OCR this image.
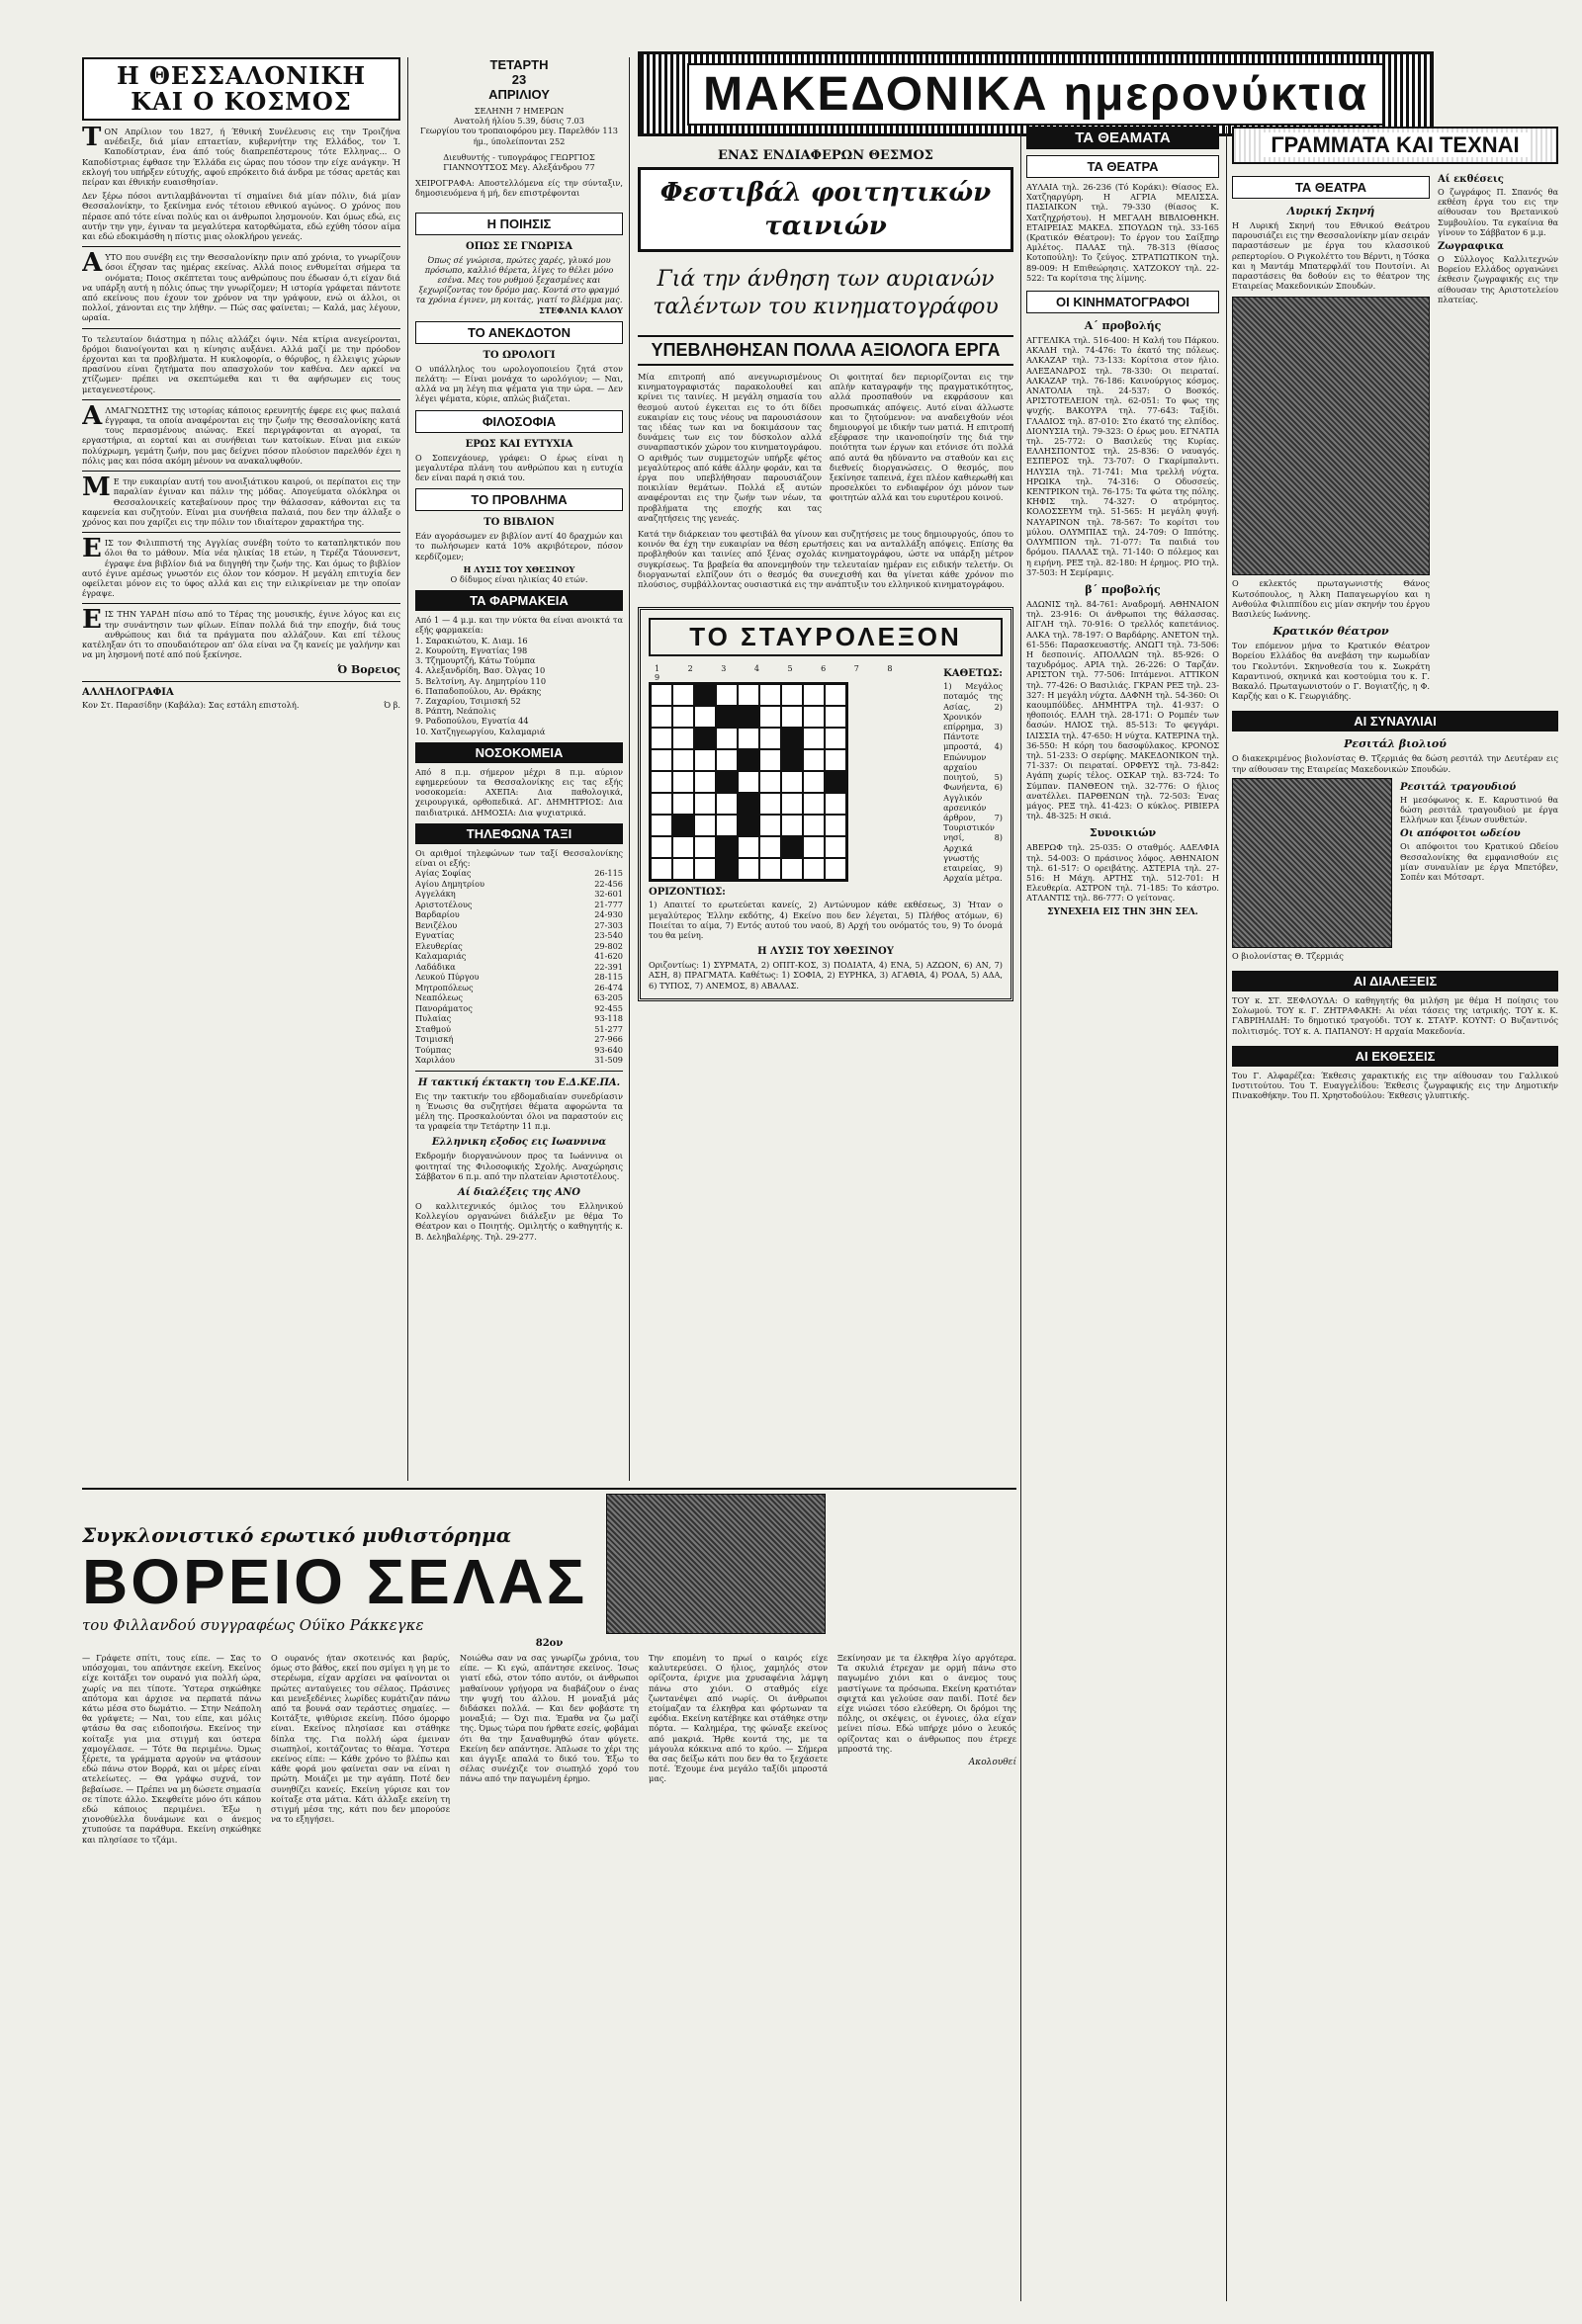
Η ΘΕΣΣΑΛΟΝΙΚΗ ΚΑΙ Ο ΚΟΣΜΟΣ

ΤΟΝ Απρίλιον του 1827, ή Έθνική Συνέλευσις εις την Τροιζήνα ανέδειξε, διά μίαν επταετίαν, κυβερνήτην της Ελλάδος, τον Ί. Καποδίστριαν, ένα άπό τούς διαπρεπέστερους τότε Ελληνας... Ο Καποδίστριας έφθασε την Έλλάδα εις ώρας που τόσον την είχε ανάγκην. Ή εκλογή του υπήρξεν εύτυχής, αφού επρόκειτο διά άνδρα με τόσας αρετάς και πείραν και έθνικήν ευαισθησίαν.

Δεν ξέρω πόσοι αντιλαμβάνονται τί σημαίνει διά μίαν πόλιν, διά μίαν Θεσσαλονίκην, το ξεκίνημα ενός τέτοιου εθνικού αγώνος. Ο χρόνος που πέρασε από τότε είναι πολύς και οι άνθρωποι λησμονούν. Και όμως εδώ, εις αυτήν την γην, έγιναν τα μεγαλύτερα κατορθώματα, εδώ εχύθη τόσον αίμα και εδώ εδοκιμάσθη η πίστις μιας ολοκλήρου γενεάς.

ΑΥΤΟ που συνέβη εις την Θεσσαλονίκην πριν από χρόνια, το γνωρίζουν όσοι έζησαν τας ημέρας εκείνας. Αλλά ποιος ενθυμείται σήμερα τα ονόματα; Ποιος σκέπτεται τους ανθρώπους που έδωσαν ό,τι είχαν διά να υπάρξη αυτή η πόλις όπως την γνωρίζομεν; Η ιστορία γράφεται πάντοτε από εκείνους που έχουν τον χρόνον να την γράψουν, ενώ οι άλλοι, οι πολλοί, χάνονται εις την λήθην. — Πώς σας φαίνεται; — Καλά, μας λέγουν, ωραία.

Το τελευταίον διάστημα η πόλις αλλάζει όψιν. Νέα κτίρια ανεγείρονται, δρόμοι διανοίγονται και η κίνησις αυξάνει. Αλλά μαζί με την πρόοδον έρχονται και τα προβλήματα. Η κυκλοφορία, ο θόρυβος, η έλλειψις χώρων πρασίνου είναι ζητήματα που απασχολούν τον καθένα. Δεν αρκεί να χτίζωμεν· πρέπει να σκεπτώμεθα και τι θα αφήσωμεν εις τους μεταγενεστέρους.

ΑΛΜΑΓΝΩΣΤΗΣ της ιστορίας κάποιος ερευνητής έφερε εις φως παλαιά έγγραφα, τα οποία αναφέρονται εις την ζωήν της Θεσσαλονίκης κατά τους περασμένους αιώνας. Εκεί περιγράφονται αι αγοραί, τα εργαστήρια, αι εορταί και αι συνήθειαι των κατοίκων. Είναι μια εικών πολύχρωμη, γεμάτη ζωήν, που μας δείχνει πόσον πλούσιον παρελθόν έχει η πόλις μας και πόσα ακόμη μένουν να ανακαλυφθούν.

ΜΕ την ευκαιρίαν αυτή του ανοιξιάτικου καιρού, οι περίπατοι εις την παραλίαν έγιναν και πάλιν της μόδας. Απογεύματα ολόκληρα οι Θεσσαλονικείς κατεβαίνουν προς την θάλασσαν, κάθονται εις τα καφενεία και συζητούν. Είναι μια συνήθεια παλαιά, που δεν την άλλαξε ο χρόνος και που χαρίζει εις την πόλιν τον ιδιαίτερον χαρακτήρα της.

ΕΙΣ τον Φιλιππιστή της Αγγλίας συνέβη τούτο το καταπληκτικόν που όλοι θα το μάθουν. Μία νέα ηλικίας 18 ετών, η Τερέζα Τάουνσεντ, έγραψε ένα βιβλίον διά να διηγηθή την ζωήν της. Και όμως το βιβλίον αυτό έγινε αμέσως γνωστόν εις όλον τον κόσμον. Η μεγάλη επιτυχία δεν οφείλεται μόνον εις το ύφος αλλά και εις την ειλικρίνειαν με την οποίαν έγραψε.

ΕΙΣ ΤΗΝ ΥΑΡΔΗ πίσω από το Τέρας της μουσικής, έγινε λόγος και εις την συνάντησιν των φίλων. Είπαν πολλά διά την εποχήν, διά τους ανθρώπους και διά τα πράγματα που αλλάζουν. Και επί τέλους κατέληξαν ότι το σπουδαιότερον απ' όλα είναι να ζη κανείς με γαλήνην και να μη λησμονή ποτέ από πού ξεκίνησε.

Ό Βορειος
ΑΛΛΗΛΟΓΡΑΦΙΑ
Κον Στ. Παρασίδην (Καβάλα): Σας εστάλη επιστολή.	Ό β.
ΤΕΤΑΡΤΗ
23
ΑΠΡΙΛΙΟΥ
ΣΕΛΗΝΗ 7 ΗΜΕΡΩΝ
Ανατολή ήλίου 5.39, δύσις 7.03
Γεωργίου του τροπαιοφόρου μεγ. Παρελθόν 113 ήμ., ύπολείπονται 252
Διευθυντής - τυπογράφος ΓΕΩΡΓΙΟΣ ΓΙΑΝΝΟΥΤΣΟΣ Μεγ. Αλεξάνδρου 77
ΧΕΙΡΟΓΡΑΦΑ: Αποστελλόμενα είς την σύνταξιν, δημοσιευόμενα ή μή, δεν επιστρέφονται
Η ΠΟΙΗΣΙΣ
ΟΠΩΣ ΣΕ ΓΝΩΡΙΣΑ

Όπως σέ γνώρισα, πρώτες χαρές, γλυκό μου πρόσωπο, καλλιό θέρετα, λίγες το θέλει μόνο εσένα. Μες του ρυθμού ξεχασμένες και ξεχωρίζοντας τον δρόμο μας. Κοντά στο φραγμό τα χρόνια έγινεν, μη κοιτάς, γιατί το βλέμμα μας.

ΣΤΕΦΑΝΙΑ ΚΑΛΟΥ
ΤΟ ΑΝΕΚΔΟΤΟΝ
ΤΟ ΩΡΟΛΟΓΙ

Ο υπάλληλος του ωρολογοποιείου ζητά στον πελάτη: — Είναι μονάχα το ωρολόγιον; — Ναι, αλλά να μη λέγη πια ψέματα για την ώρα. — Δεν λέγει ψέματα, κύριε, απλώς βιάζεται.

ΦΙΛΟΣΟΦΙΑ
ΕΡΩΣ ΚΑΙ ΕΥΤΥΧΙΑ

Ο Σοπενχάουερ, γράφει: Ο έρως είναι η μεγαλυτέρα πλάνη του ανθρώπου και η ευτυχία δεν είναι παρά η σκιά του.

ΤΟ ΠΡΟΒΛΗΜΑ
ΤΟ ΒΙΒΛΙΟΝ

Εάν αγοράσωμεν εν βιβλίον αντί 40 δραχμών και το πωλήσωμεν κατά 10% ακριβότερον, πόσον κερδίζομεν;

Η ΛΥΣΙΣ ΤΟΥ ΧΘΕΣΙΝΟΥ

Ο δίδυμος είναι ηλικίας 40 ετών.

ΤΑ ΦΑΡΜΑΚΕΙΑ

Από 1 — 4 μ.μ. και την νύκτα θα είναι ανοικτά τα εξής φαρμακεία:

1. Σαρακιώτου, Κ. Διαμ. 16
2. Κουρούτη, Εγνατίας 198
3. Τζημουρτζή, Κάτω Τούμπα
4. Αλεξανδρίδη, Βασ. Όλγας 10
5. Βελτσίνη, Αγ. Δημητρίου 110
6. Παπαδοπούλου, Αν. Θράκης
7. Ζαχαρίου, Τσιμισκή 52
8. Ράπτη, Νεάπολις
9. Ραδοπούλου, Εγνατία 44
10. Χατζηγεωργίου, Καλαμαριά
ΝΟΣΟΚΟΜΕΙΑ

Από 8 π.μ. σήμερον μέχρι 8 π.μ. αύριον εφημερεύουν τα Θεσσαλονίκης εις τας εξής νοσοκομεία: ΑΧΕΠΑ: Δια παθολογικά, χειρουργικά, ορθοπεδικά. ΑΓ. ΔΗΜΗΤΡΙΟΣ: Δια παιδιατρικά. ΔΗΜΟΣΙΑ: Δια ψυχιατρικά.

ΤΗΛΕΦΩΝΑ ΤΑΞΙ

Οι αριθμοί τηλεφώνων των ταξί Θεσσαλονίκης είναι οι εξής:

Αγίας Σοφίας	26-115
Αγίου Δημητρίου	22-456
Αγγελάκη	32-601
Αριστοτέλους	21-777
Βαρδαρίου	24-930
Βενιζέλου	27-303
Εγνατίας	23-540
Ελευθερίας	29-802
Καλαμαριάς	41-620
Λαδάδικα	22-391
Λευκού Πύργου	28-115
Μητροπόλεως	26-474
Νεαπόλεως	63-205
Πανοράματος	92-455
Πυλαίας	93-118
Σταθμού	51-277
Τσιμισκή	27-966
Τούμπας	93-640
Χαριλάου	31-509
Η τακτική έκτακτη του Ε.Δ.ΚΕ.ΠΑ.

Εις την τακτικήν του εβδομαδιαίαν συνεδρίασιν η Ένωσις θα συζητήσει θέματα αφορώντα τα μέλη της. Προσκαλούνται όλοι να παραστούν εις τα γραφεία την Τετάρτην 11 π.μ.

Ελληνικη εξοδος εις Ιωαννινα

Εκδρομήν διοργανώνουν προς τα Ιωάννινα οι φοιτηταί της Φιλοσοφικής Σχολής. Αναχώρησις Σάββατον 6 π.μ. από την πλατείαν Αριστοτέλους.

Αί διαλέξεις της ΑΝΟ

Ο καλλιτεχνικός όμιλος του Ελληνικού Κολλεγίου οργανώνει διάλεξιν με θέμα Το Θέατρον και ο Ποιητής. Ομιλητής ο καθηγητής κ. Β. Δεληβαλέρης. Τηλ. 29-277.

ΜΑΚΕΔΟΝΙΚΑ ημερονύκτια
ΕΝΑΣ ΕΝΔΙΑΦΕΡΩΝ ΘΕΣΜΟΣ
Φεστιβάλ φοιτητικών ταινιών
Γιά την άνθηση των αυριανών ταλέντων του κινηματογράφου
ΥΠΕΒΛΗΘΗΣΑΝ ΠΟΛΛΑ ΑΞΙΟΛΟΓΑ ΕΡΓΑ

Μία επιτροπή από ανεγνωρισμένους κινηματογραφιστάς παρακολουθεί και κρίνει τις ταινίες. Η μεγάλη σημασία του θεσμού αυτού έγκειται εις το ότι δίδει ευκαιρίαν εις τους νέους να παρουσιάσουν τας ιδέας των και να δοκιμάσουν τας δυνάμεις των εις τον δύσκολον αλλά συναρπαστικόν χώρον του κινηματογράφου. Ο αριθμός των συμμετοχών υπήρξε φέτος μεγαλύτερος από κάθε άλλην φοράν, και τα έργα που υπεβλήθησαν παρουσιάζουν ποικιλίαν θεμάτων. Πολλά εξ αυτών αναφέρονται εις την ζωήν των νέων, τα προβλήματα της εποχής και τας αναζητήσεις της γενεάς.

Οι φοιτηταί δεν περιορίζονται εις την απλήν καταγραφήν της πραγματικότητος, αλλά προσπαθούν να εκφράσουν και προσωπικάς απόψεις. Αυτό είναι άλλωστε και το ζητούμενον: να αναδειχθούν νέοι δημιουργοί με ιδικήν των ματιά. Η επιτροπή εξέφρασε την ικανοποίησίν της διά την ποιότητα των έργων και ετόνισε ότι πολλά από αυτά θα ηδύναντο να σταθούν και εις διεθνείς διοργανώσεις. Ο θεσμός, που ξεκίνησε ταπεινά, έχει πλέον καθιερωθή και προσελκύει το ενδιαφέρον όχι μόνον των φοιτητών αλλά και του ευρυτέρου κοινού.

Κατά την διάρκειαν του φεστιβάλ θα γίνουν και συζητήσεις με τους δημιουργούς, όπου το κοινόν θα έχη την ευκαιρίαν να θέση ερωτήσεις και να ανταλλάξη απόψεις. Επίσης θα προβληθούν και ταινίες από ξένας σχολάς κινηματογράφου, ώστε να υπάρξη μέτρον συγκρίσεως. Τα βραβεία θα απονεμηθούν την τελευταίαν ημέραν εις ειδικήν τελετήν. Οι διοργανωταί ελπίζουν ότι ο θεσμός θα συνεχισθή και θα γίνεται κάθε χρόνον πιο πλούσιος, συμβάλλοντας ουσιαστικά εις την ανάπτυξιν του ελληνικού κινηματογράφου.

ΤΟ ΣΤΑΥΡΟΛΕΞΟΝ
1 2 3 4 5 6 7 8 9	ΚΑΘΕΤΩΣ:

1) Μεγάλος ποταμός της Ασίας, 2) Χρονικόν επίρρημα, 3) Πάντοτε μπροστά, 4) Επώνυμον αρχαίου ποιητού, 5) Φωνήεντα, 6) Αγγλικόν αρσενικόν άρθρον, 7) Τουριστικόν νησί, 8) Αρχικά γνωστής εταιρείας, 9) Αρχαία μέτρα.

ΟΡΙΖΟΝΤΙΩΣ:

1) Απαιτεί το ερωτεύεται κανείς, 2) Αντώνυμον κάθε εκθέσεως, 3) Ήταν ο μεγαλύτερος Έλλην εκδότης, 4) Εκείνο που δεν λέγεται, 5) Πλήθος ατόμων, 6) Ποιείται το αίμα, 7) Εντός αυτού του ναού, 8) Αρχή του ονόματός του, 9) Το όνομά του θα μείνη.

Η ΛΥΣΙΣ ΤΟΥ ΧΘΕΣΙΝΟΥ

Οριζοντίως: 1) ΣΥΡΜΑΤΑ, 2) ΟΠΙΤ-ΚΟΣ, 3) ΠΟΔΙΑΤΑ, 4) ΕΝΑ, 5) ΑΖΩΟΝ, 6) ΑΝ, 7) ΑΣΗ, 8) ΠΡΑΓΜΑΤΑ. Καθέτως: 1) ΣΟΦΙΑ, 2) ΕΥΡΗΚΑ, 3) ΑΓΑΘΙΑ, 4) ΡΟΔΑ, 5) ΑΔΑ, 6) ΤΥΠΟΣ, 7) ΑΝΕΜΟΣ, 8) ΑΒΑΛΑΣ.

ΤΑ ΘΕΑΜΑΤΑ
ΤΑ ΘΕΑΤΡΑ

ΑΥΛΑΙΑ τηλ. 26-236 (Τό Κοράκι): Θίασος Ελ. Χατζηαργύρη. Η ΑΓΡΙΑ ΜΕΛΙΣΣΑ. ΠΑΣΙΑΙΚΟΝ τηλ. 79-330 (θίασος Κ. Χατζηχρήστου). Η ΜΕΓΑΛΗ ΒΙΒΛΙΟΘΗΚΗ. ΕΤΑΙΡΕΙΑΣ ΜΑΚΕΔ. ΣΠΟΥΔΩΝ τηλ. 33-165 (Κρατικόν Θέατρον): Το έργον του Σαίξπηρ Αμλέτος. ΠΑΛΑΣ τηλ. 78-313 (θίασος Κοτοπούλη): Το ζεύγος. ΣΤΡΑΤΙΩΤΙΚΟΝ τηλ. 89-009: Η Επιθεώρησις. ΧΑΤΖΟΚΟΥ τηλ. 22-522: Τα κορίτσια της λίμνης.

ΟΙ ΚΙΝΗΜΑΤΟΓΡΑΦΟΙ
Α΄ προβολής

ΑΓΓΕΛΙΚΑ τηλ. 516-400: Η Καλή του Πάρκου. ΑΚΑΔΗ τηλ. 74-476: Το έκατό της πόλεως. ΑΛΚΑΖΑΡ τηλ. 73-133: Κορίτσια στον ήλιο. ΑΛΕΞΑΝΔΡΟΣ τηλ. 78-330: Οι πειραταί. ΑΛΚΑΖΑΡ τηλ. 76-186: Καινούργιος κόσμος. ΑΝΑΤΟΛΙΑ τηλ. 24-537: Ο Βοσκός. ΑΡΙΣΤΟΤΕΛΕΙΟΝ τηλ. 62-051: Το φως της ψυχής. ΒΑΚΟΥΡΑ τηλ. 77-643: Ταξίδι. ΓΛΑΔΙΟΣ τηλ. 87-010: Στο έκατό της ελπίδος. ΔΙΟΝΥΣΙΑ τηλ. 79-323: Ο έρως μου. ΕΓΝΑΤΙΑ τηλ. 25-772: Ο Βασιλεύς της Κυρίας. ΕΛΛΗΣΠΟΝΤΟΣ τηλ. 25-836: Ο ναυαγός. ΕΣΠΕΡΟΣ τηλ. 73-707: Ο Γκαρίμπαλντι. ΗΛΥΣΙΑ τηλ. 71-741: Μια τρελλή νύχτα. ΗΡΩΙΚΑ τηλ. 74-316: Ο Οδυσσεύς. ΚΕΝΤΡΙΚΟΝ τηλ. 76-175: Τα φώτα της πόλης. ΚΗΦΙΣ τηλ. 74-327: Ο ατρόμητος. ΚΟΛΟΣΣΕΥΜ τηλ. 51-565: Η μεγάλη φυγή. ΝΑΥΑΡΙΝΟΝ τηλ. 78-567: Το κορίτσι του μύλου. ΟΛΥΜΠΙΑΣ τηλ. 24-709: Ο Ιππότης. ΟΛΥΜΠΙΟΝ τηλ. 71-077: Τα παιδιά του δρόμου. ΠΑΛΛΑΣ τηλ. 71-140: Ο πόλεμος και η ειρήνη. ΡΕΞ τηλ. 82-180: Η έρημος. ΡΙΟ τηλ. 37-503: Η Σεμίραμις.

β΄ προβολής

ΑΔΩΝΙΣ τηλ. 84-761: Αναδρομή. ΑΘΗΝΑΙΟΝ τηλ. 23-916: Οι άνθρωποι της θάλασσας. ΑΙΓΛΗ τηλ. 70-916: Ο τρελλός καπετάνιος. ΑΛΚΑ τηλ. 78-197: Ο Βαρδάρης. ΑΝΕΤΟΝ τηλ. 61-556: Παρασκευαστής. ΑΝΩΓΙ τηλ. 73-506: Η δεσποινίς. ΑΠΟΛΛΩΝ τηλ. 85-926: Ο ταχυδρόμος. ΑΡΙΑ τηλ. 26-226: Ο Ταρζάν. ΑΡΙΣΤΟΝ τηλ. 77-506: Ιπτάμενοι. ΑΤΤΙΚΟΝ τηλ. 77-426: Ο Βασιλιάς. ΓΚΡΑΝ ΡΕΞ τηλ. 23-327: Η μεγάλη νύχτα. ΔΑΦΝΗ τηλ. 54-360: Οι καουμπόϋδες. ΔΗΜΗΤΡΑ τηλ. 41-937: Ο ηθοποιός. ΕΛΛΗ τηλ. 28-171: Ο Ρομπέν των δασών. ΗΛΙΟΣ τηλ. 85-513: Το φεγγάρι. ΙΛΙΣΣΙΑ τηλ. 47-650: Η νύχτα. ΚΑΤΕΡΙΝΑ τηλ. 36-550: Η κόρη του δασοφύλακος. ΚΡΟΝΟΣ τηλ. 51-233: Ο σερίφης. ΜΑΚΕΔΟΝΙΚΟΝ τηλ. 71-337: Οι πειραταί. ΟΡΦΕΥΣ τηλ. 73-842: Αγάπη χωρίς τέλος. ΟΣΚΑΡ τηλ. 83-724: Το Σύμπαν. ΠΑΝΘΕΟΝ τηλ. 32-776: Ο ήλιος ανατέλλει. ΠΑΡΘΕΝΩΝ τηλ. 72-503: Ένας μάγος. ΡΕΞ τηλ. 41-423: Ο κύκλος. ΡΙΒΙΕΡΑ τηλ. 48-325: Η σκιά.

Συνοικιών

ΑΒΕΡΩΦ τηλ. 25-035: Ο σταθμός. ΑΔΕΛΦΙΑ τηλ. 54-003: Ο πράσινος λόφος. ΑΘΗΝΑΙΟΝ τηλ. 61-517: Ο ορειβάτης. ΑΣΤΕΡΙΑ τηλ. 27-516: Η Μάχη. ΑΡΤΗΣ τηλ. 512-701: Η Ελευθερία. ΑΣΤΡΟΝ τηλ. 71-185: Το κάστρο. ΑΤΛΑΝΤΙΣ τηλ. 86-777: Ο γείτονας.

ΣΥΝΕΧΕΙΑ ΕΙΣ ΤΗΝ 3ΗΝ ΣΕΛ.
ΓΡΑΜΜΑΤΑ ΚΑΙ ΤΕΧΝΑΙ
ΤΑ ΘΕΑΤΡΑ
Λυρική Σκηνή

Η Λυρική Σκηνή του Εθνικού Θεάτρου παρουσιάζει εις την Θεσσαλονίκην μίαν σειράν παραστάσεων με έργα του κλασσικού ρεπερτορίου. Ο Ριγκολέττο του Βέρντι, η Τόσκα και η Μαντάμ Μπατερφλάϊ του Πουτσίνι. Αι παραστάσεις θα δοθούν εις το θέατρον της Εταιρείας Μακεδονικών Σπουδών.

Ο εκλεκτός πρωταγωνιστής Θάνος Κωτσόπουλος, η Άλκη Παπαγεωργίου και η Ανθούλα Φιλιππίδου εις μίαν σκηνήν του έργου Βασιλεύς Ιωάννης.

Κρατικόν θέατρον

Τον επόμενον μήνα το Κρατικόν Θέατρον Βορείου Ελλάδος θα ανεβάση την κωμωδίαν του Γκολντόνι. Σκηνοθεσία του κ. Σωκράτη Καραντινού, σκηνικά και κοστούμια του κ. Γ. Βακαλό. Πρωταγωνιστούν ο Γ. Βογιατζής, η Φ. Καρζής και ο Κ. Γεωργιάδης.

Αί εκθέσεις

Ο ζωγράφος Π. Σπανός θα εκθέση έργα του εις την αίθουσαν του Βρετανικού Συμβουλίου. Τα εγκαίνια θα γίνουν το Σάββατον 6 μ.μ.

Ζωγραφικα

Ο Σύλλογος Καλλιτεχνών Βορείου Ελλάδος οργανώνει έκθεσιν ζωγραφικής εις την αίθουσαν της Αριστοτελείου πλατείας.

ΑΙ ΣΥΝΑΥΛΙΑΙ
Ρεσιτάλ βιολιού

Ο διακεκριμένος βιολονίστας Θ. Τζερμιάς θα δώση ρεσιτάλ την Δευτέραν εις την αίθουσαν της Εταιρείας Μακεδονικών Σπουδών.

Ρεσιτάλ τραγουδιού

Η μεσόφωνος κ. Ε. Καρυστινού θα δώση ρεσιτάλ τραγουδιού με έργα Ελλήνων και ξένων συνθετών.

Οι απόφοιτοι ωδείου

Οι απόφοιτοι του Κρατικού Ωδείου Θεσσαλονίκης θα εμφανισθούν εις μίαν συναυλίαν με έργα Μπετόβεν, Σοπέν και Μότσαρτ.

Ο βιολονίστας Θ. Τζερμιάς

ΑΙ ΔΙΑΛΕΞΕΙΣ

ΤΟΥ κ. ΣΤ. ΞΕΦΛΟΥΔΑ: Ο καθηγητής θα μιλήση με θέμα Η ποίησις του Σολωμού. ΤΟΥ κ. Γ. ΖΗΤΡΑΦΑΚΗ: Αι νέαι τάσεις της ιατρικής. ΤΟΥ κ. Κ. ΓΑΒΡΙΗΛΙΔΗ: Το δημοτικό τραγούδι. ΤΟΥ κ. ΣΤΑΥΡ. ΚΟΥΝΤ: Ο Βυζαντινός πολιτισμός. ΤΟΥ κ. Α. ΠΑΠΑΝΟΥ: Η αρχαία Μακεδονία.

ΑΙ ΕΚΘΕΣΕΙΣ

Του Γ. Αλφαρέζεα: Έκθεσις χαρακτικής εις την αίθουσαν του Γαλλικού Ινστιτούτου. Του Τ. Ευαγγελίδου: Έκθεσις ζωγραφικής εις την Δημοτικήν Πινακοθήκην. Του Π. Χρηστοδούλου: Έκθεσις γλυπτικής.

Συγκλονιστικό ερωτικό μυθιστόρημα
ΒΟΡΕΙΟ ΣΕΛΑΣ
του Φιλλανδού συγγραφέως Ούϊκο Ράκκεγκε
82ον

— Γράφετε σπίτι, τους είπε. — Σας το υπόσχομαι, του απάντησε εκείνη. Εκείνος είχε κοιτάξει τον ουρανό για πολλή ώρα, χωρίς να πει τίποτε. Ύστερα σηκώθηκε απότομα και άρχισε να περπατά πάνω κάτω μέσα στο δωμάτιο. — Στην Νεάπολη θα γράψετε; — Ναι, του είπε, και μόλις φτάσω θα σας ειδοποιήσω. Εκείνος την κοίταξε για μια στιγμή και ύστερα χαμογέλασε. — Τότε θα περιμένω. Όμως ξέρετε, τα γράμματα αργούν να φτάσουν εδώ πάνω στον Βορρά, και οι μέρες είναι ατελείωτες. — Θα γράφω συχνά, τον βεβαίωσε. — Πρέπει να μη δώσετε σημασία σε τίποτε άλλο. Σκεφθείτε μόνο ότι κάπου εδώ κάποιος περιμένει. Έξω η χιονοθύελλα δυνάμωνε και ο άνεμος χτυπούσε τα παράθυρα. Εκείνη σηκώθηκε και πλησίασε το τζάμι.

Ο ουρανός ήταν σκοτεινός και βαρύς, όμως στο βάθος, εκεί που σμίγει η γη με το στερέωμα, είχαν αρχίσει να φαίνονται οι πρώτες ανταύγειες του σέλαος. Πράσινες και μενεξεδένιες λωρίδες κυμάτιζαν πάνω από τα βουνά σαν τεράστιες σημαίες. — Κοιτάξτε, ψιθύρισε εκείνη. Πόσο όμορφο είναι. Εκείνος πλησίασε και στάθηκε δίπλα της. Για πολλή ώρα έμειναν σιωπηλοί, κοιτάζοντας το θέαμα. Ύστερα εκείνος είπε: — Κάθε χρόνο το βλέπω και κάθε φορά μου φαίνεται σαν να είναι η πρώτη. Μοιάζει με την αγάπη. Ποτέ δεν συνηθίζει κανείς. Εκείνη γύρισε και τον κοίταξε στα μάτια. Κάτι άλλαξε εκείνη τη στιγμή μέσα της, κάτι που δεν μπορούσε να το εξηγήσει.

Νοιώθω σαν να σας γνωρίζω χρόνια, του είπε. — Κι εγώ, απάντησε εκείνος. Ίσως γιατί εδώ, στον τόπο αυτόν, οι άνθρωποι μαθαίνουν γρήγορα να διαβάζουν ο ένας την ψυχή του άλλου. Η μοναξιά μάς διδάσκει πολλά. — Και δεν φοβάστε τη μοναξιά; — Όχι πια. Έμαθα να ζω μαζί της. Όμως τώρα που ήρθατε εσείς, φοβάμαι ότι θα την ξαναθυμηθώ όταν φύγετε. Εκείνη δεν απάντησε. Άπλωσε το χέρι της και άγγιξε απαλά το δικό του. Έξω το σέλας συνέχιζε τον σιωπηλό χορό του πάνω από την παγωμένη έρημο.

Την επομένη το πρωί ο καιρός είχε καλυτερεύσει. Ο ήλιος, χαμηλός στον ορίζοντα, έριχνε μια χρυσαφένια λάμψη πάνω στο χιόνι. Ο σταθμός είχε ζωντανέψει από νωρίς. Οι άνθρωποι ετοίμαζαν τα έλκηθρα και φόρτωναν τα εφόδια. Εκείνη κατέβηκε και στάθηκε στην πόρτα. — Καλημέρα, της φώναξε εκείνος από μακριά. Ήρθε κοντά της, με τα μάγουλα κόκκινα από το κρύο. — Σήμερα θα σας δείξω κάτι που δεν θα το ξεχάσετε ποτέ. Έχουμε ένα μεγάλο ταξίδι μπροστά μας.

Ξεκίνησαν με τα έλκηθρα λίγο αργότερα. Τα σκυλιά έτρεχαν με ορμή πάνω στο παγωμένο χιόνι και ο άνεμος τους μαστίγωνε τα πρόσωπα. Εκείνη κρατιόταν σφιχτά και γελούσε σαν παιδί. Ποτέ δεν είχε νιώσει τόσο ελεύθερη. Οι δρόμοι της πόλης, οι σκέψεις, οι έγνοιες, όλα είχαν μείνει πίσω. Εδώ υπήρχε μόνο ο λευκός ορίζοντας και ο άνθρωπος που έτρεχε μπροστά της.

Ακολουθεί
